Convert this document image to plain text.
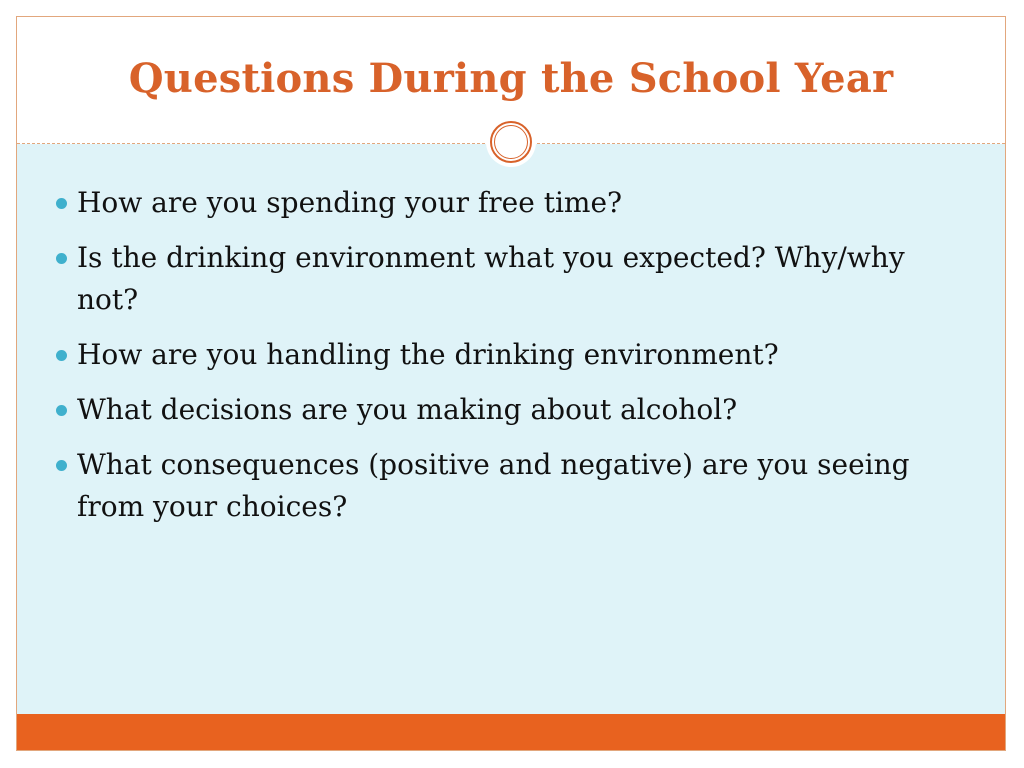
Questions During the School Year
How are you spending your free time?
Is the drinking environment what you expected? Why/why not?
How are you handling the drinking environment?
What decisions are you making about alcohol?
What consequences (positive and negative) are you seeing from your choices?
